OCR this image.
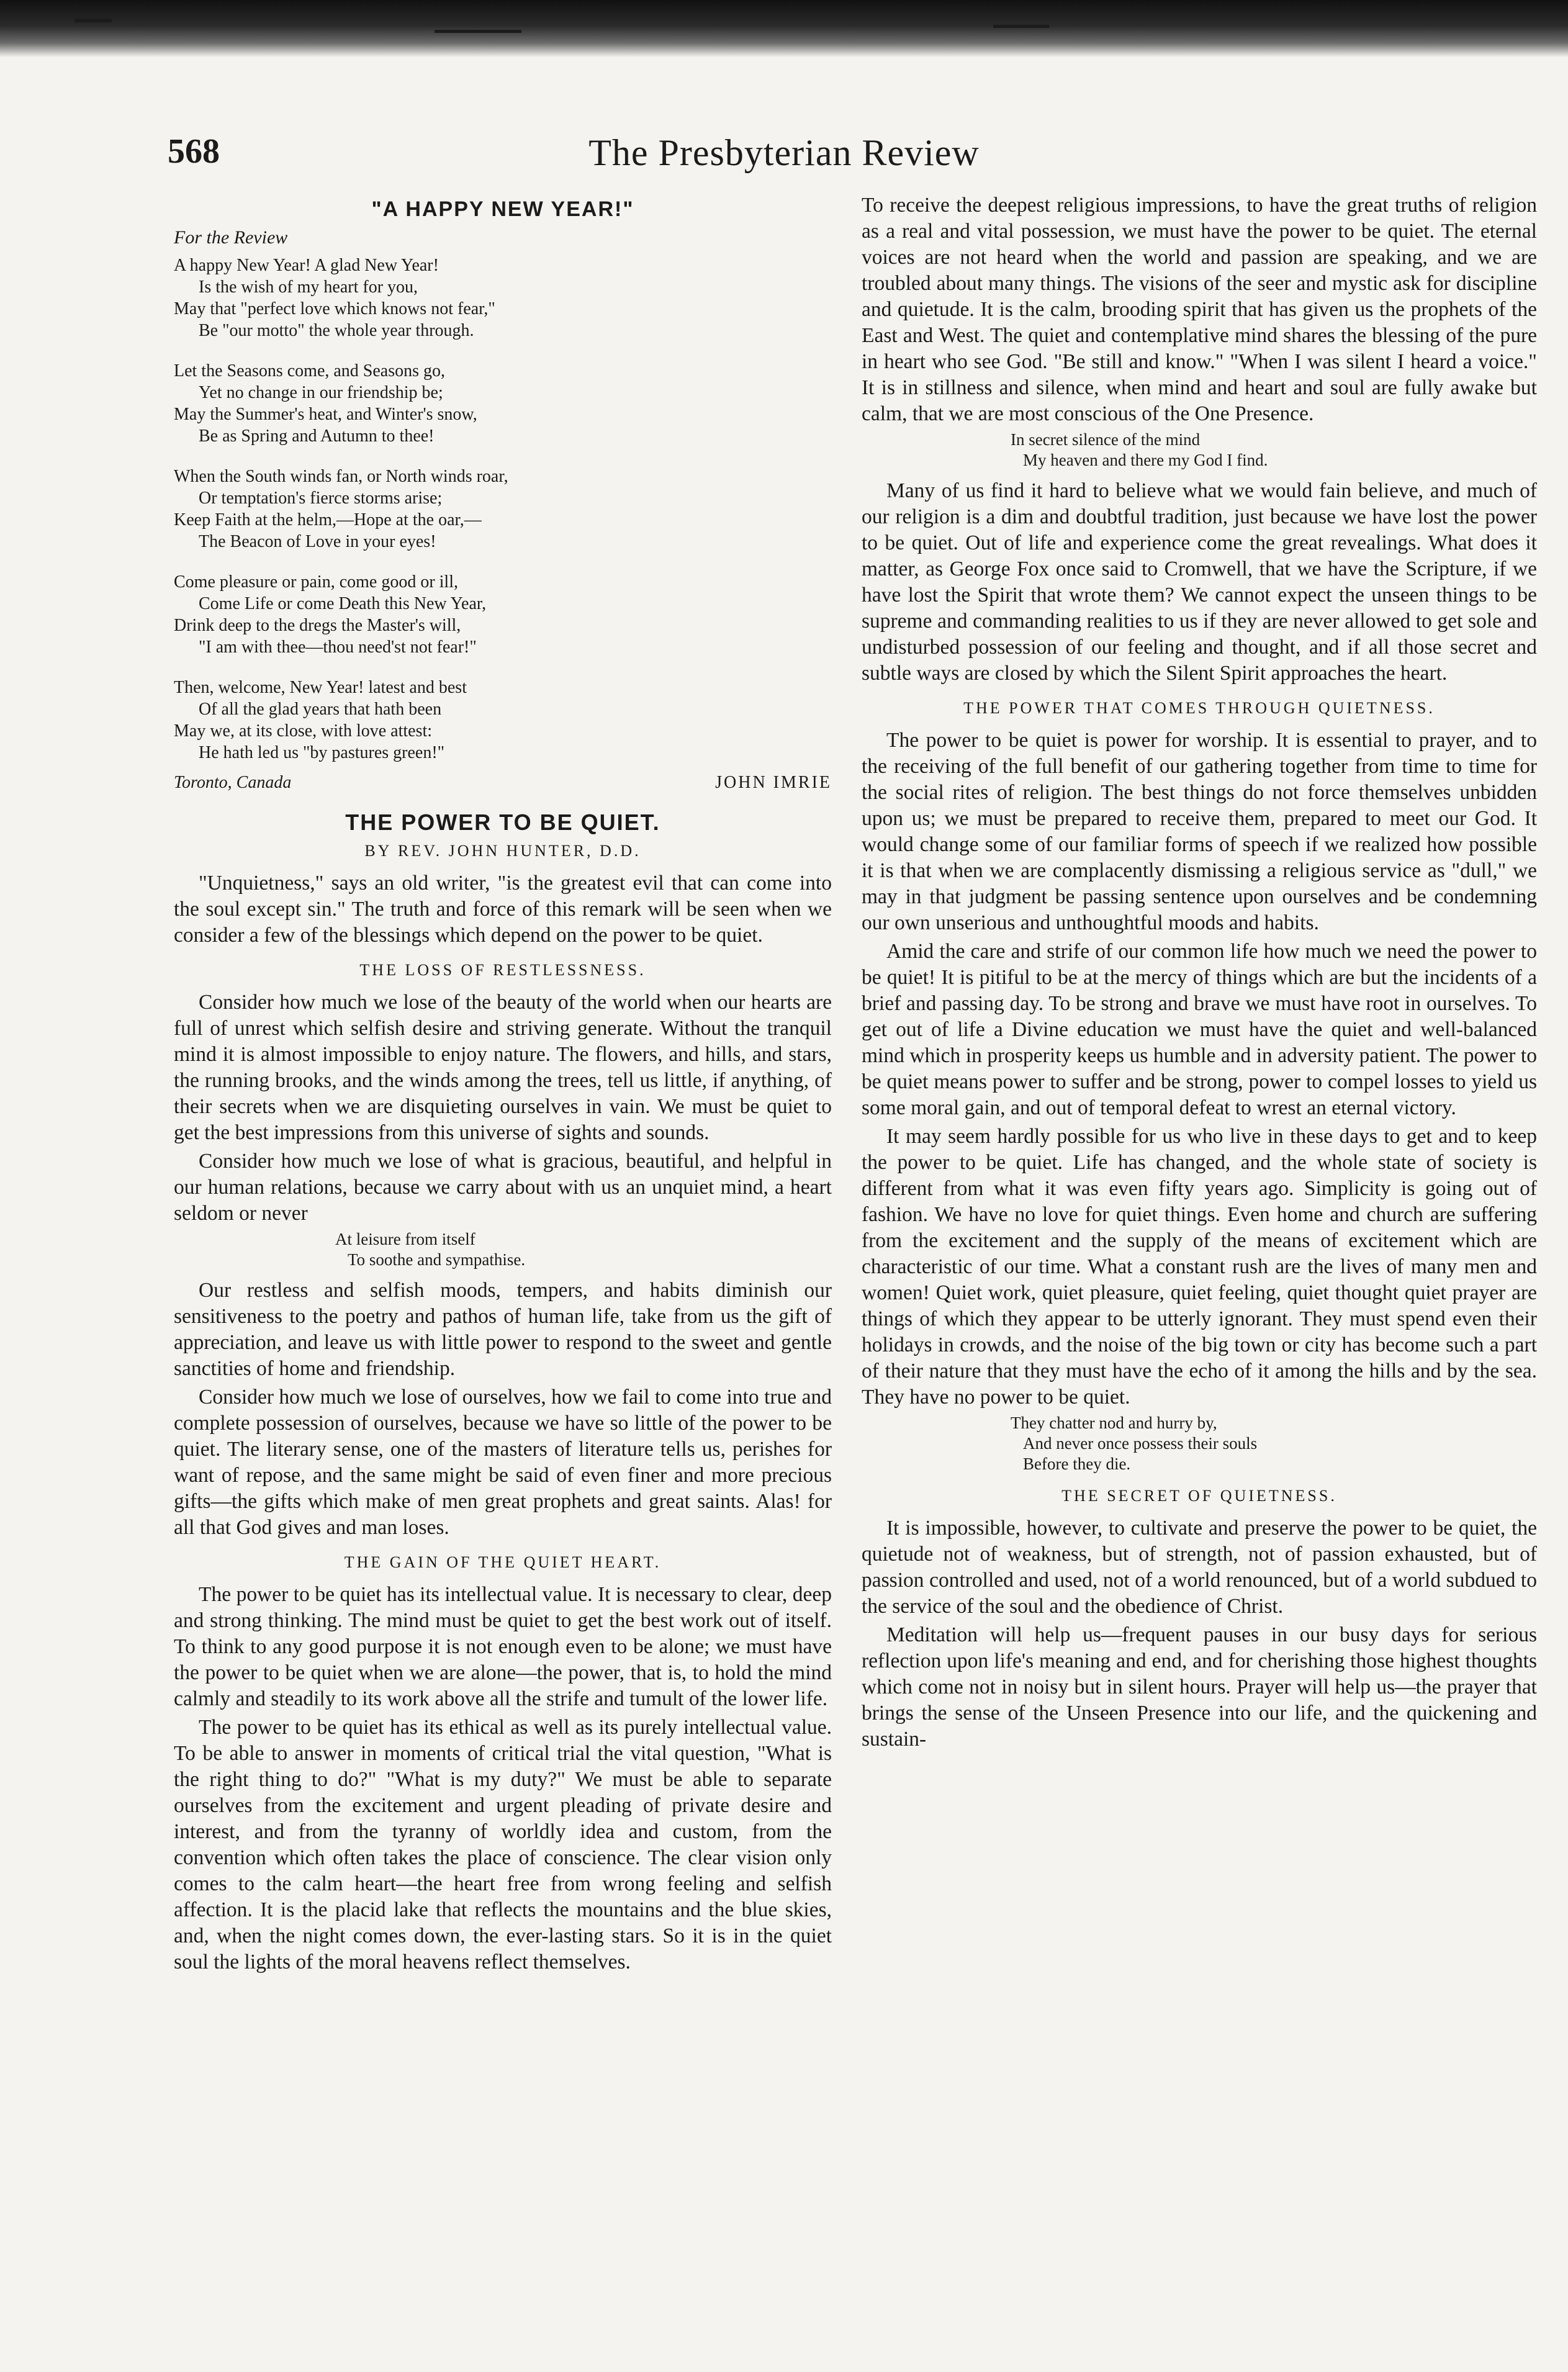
568	The Presbyterian Review
"A HAPPY NEW YEAR!"
For the Review
A happy New Year! A glad New Year!
Is the wish of my heart for you,
May that "perfect love which knows not fear,"
Be "our motto" the whole year through.
Let the Seasons come, and Seasons go,
Yet no change in our friendship be;
May the Summer's heat, and Winter's snow,
Be as Spring and Autumn to thee!
When the South winds fan, or North winds roar,
Or temptation's fierce storms arise;
Keep Faith at the helm,—Hope at the oar,—
The Beacon of Love in your eyes!
Come pleasure or pain, come good or ill,
Come Life or come Death this New Year,
Drink deep to the dregs the Master's will,
"I am with thee—thou need'st not fear!"
Then, welcome, New Year! latest and best
Of all the glad years that hath been
May we, at its close, with love attest:
He hath led us "by pastures green!"
Toronto, Canada	JOHN IMRIE
THE POWER TO BE QUIET.
BY REV. JOHN HUNTER, D.D.

"Unquietness," says an old writer, "is the greatest evil that can come into the soul except sin." The truth and force of this remark will be seen when we consider a few of the blessings which depend on the power to be quiet.

THE LOSS OF RESTLESSNESS.

Consider how much we lose of the beauty of the world when our hearts are full of unrest which selfish desire and striving generate. Without the tranquil mind it is almost impossible to enjoy nature. The flowers, and hills, and stars, the running brooks, and the winds among the trees, tell us little, if anything, of their secrets when we are disquieting ourselves in vain. We must be quiet to get the best impressions from this universe of sights and sounds.

Consider how much we lose of what is gracious, beautiful, and helpful in our human relations, because we carry about with us an unquiet mind, a heart seldom or never

At leisure from itself
To soothe and sympathise.

Our restless and selfish moods, tempers, and habits diminish our sensitiveness to the poetry and pathos of human life, take from us the gift of appreciation, and leave us with little power to respond to the sweet and gentle sanctities of home and friendship.

Consider how much we lose of ourselves, how we fail to come into true and complete possession of ourselves, because we have so little of the power to be quiet. The literary sense, one of the masters of literature tells us, perishes for want of repose, and the same might be said of even finer and more precious gifts—the gifts which make of men great prophets and great saints. Alas! for all that God gives and man loses.

THE GAIN OF THE QUIET HEART.

The power to be quiet has its intellectual value. It is necessary to clear, deep and strong thinking. The mind must be quiet to get the best work out of itself. To think to any good purpose it is not enough even to be alone; we must have the power to be quiet when we are alone—the power, that is, to hold the mind calmly and steadily to its work above all the strife and tumult of the lower life.

The power to be quiet has its ethical as well as its purely intellectual value. To be able to answer in moments of critical trial the vital question, "What is the right thing to do?" "What is my duty?" We must be able to separate ourselves from the excitement and urgent pleading of private desire and interest, and from the tyranny of worldly idea and custom, from the convention which often takes the place of conscience. The clear vision only comes to the calm heart—the heart free from wrong feeling and selfish affection. It is the placid lake that reflects the mountains and the blue skies, and, when the night comes down, the ever-lasting stars. So it is in the quiet soul the lights of the moral heavens reflect themselves.

To receive the deepest religious impressions, to have the great truths of religion as a real and vital possession, we must have the power to be quiet. The eternal voices are not heard when the world and passion are speaking, and we are troubled about many things. The visions of the seer and mystic ask for discipline and quietude. It is the calm, brooding spirit that has given us the prophets of the East and West. The quiet and contemplative mind shares the blessing of the pure in heart who see God. "Be still and know." "When I was silent I heard a voice." It is in stillness and silence, when mind and heart and soul are fully awake but calm, that we are most conscious of the One Presence.

In secret silence of the mind
My heaven and there my God I find.

Many of us find it hard to believe what we would fain believe, and much of our religion is a dim and doubtful tradition, just because we have lost the power to be quiet. Out of life and experience come the great revealings. What does it matter, as George Fox once said to Cromwell, that we have the Scripture, if we have lost the Spirit that wrote them? We cannot expect the unseen things to be supreme and commanding realities to us if they are never allowed to get sole and undisturbed possession of our feeling and thought, and if all those secret and subtle ways are closed by which the Silent Spirit approaches the heart.

THE POWER THAT COMES THROUGH QUIETNESS.

The power to be quiet is power for worship. It is essential to prayer, and to the receiving of the full benefit of our gathering together from time to time for the social rites of religion. The best things do not force themselves unbidden upon us; we must be prepared to receive them, prepared to meet our God. It would change some of our familiar forms of speech if we realized how possible it is that when we are complacently dismissing a religious service as "dull," we may in that judgment be passing sentence upon ourselves and be condemning our own unserious and unthoughtful moods and habits.

Amid the care and strife of our common life how much we need the power to be quiet! It is pitiful to be at the mercy of things which are but the incidents of a brief and passing day. To be strong and brave we must have root in ourselves. To get out of life a Divine education we must have the quiet and well-balanced mind which in prosperity keeps us humble and in adversity patient. The power to be quiet means power to suffer and be strong, power to compel losses to yield us some moral gain, and out of temporal defeat to wrest an eternal victory.

It may seem hardly possible for us who live in these days to get and to keep the power to be quiet. Life has changed, and the whole state of society is different from what it was even fifty years ago. Simplicity is going out of fashion. We have no love for quiet things. Even home and church are suffering from the excitement and the supply of the means of excitement which are characteristic of our time. What a constant rush are the lives of many men and women! Quiet work, quiet pleasure, quiet feeling, quiet thought quiet prayer are things of which they appear to be utterly ignorant. They must spend even their holidays in crowds, and the noise of the big town or city has become such a part of their nature that they must have the echo of it among the hills and by the sea. They have no power to be quiet.

They chatter nod and hurry by,
And never once possess their souls
Before they die.
THE SECRET OF QUIETNESS.

It is impossible, however, to cultivate and preserve the power to be quiet, the quietude not of weakness, but of strength, not of passion exhausted, but of passion controlled and used, not of a world renounced, but of a world subdued to the service of the soul and the obedience of Christ.

Meditation will help us—frequent pauses in our busy days for serious reflection upon life's meaning and end, and for cherishing those highest thoughts which come not in noisy but in silent hours. Prayer will help us—the prayer that brings the sense of the Unseen Presence into our life, and the quickening and sustain-
